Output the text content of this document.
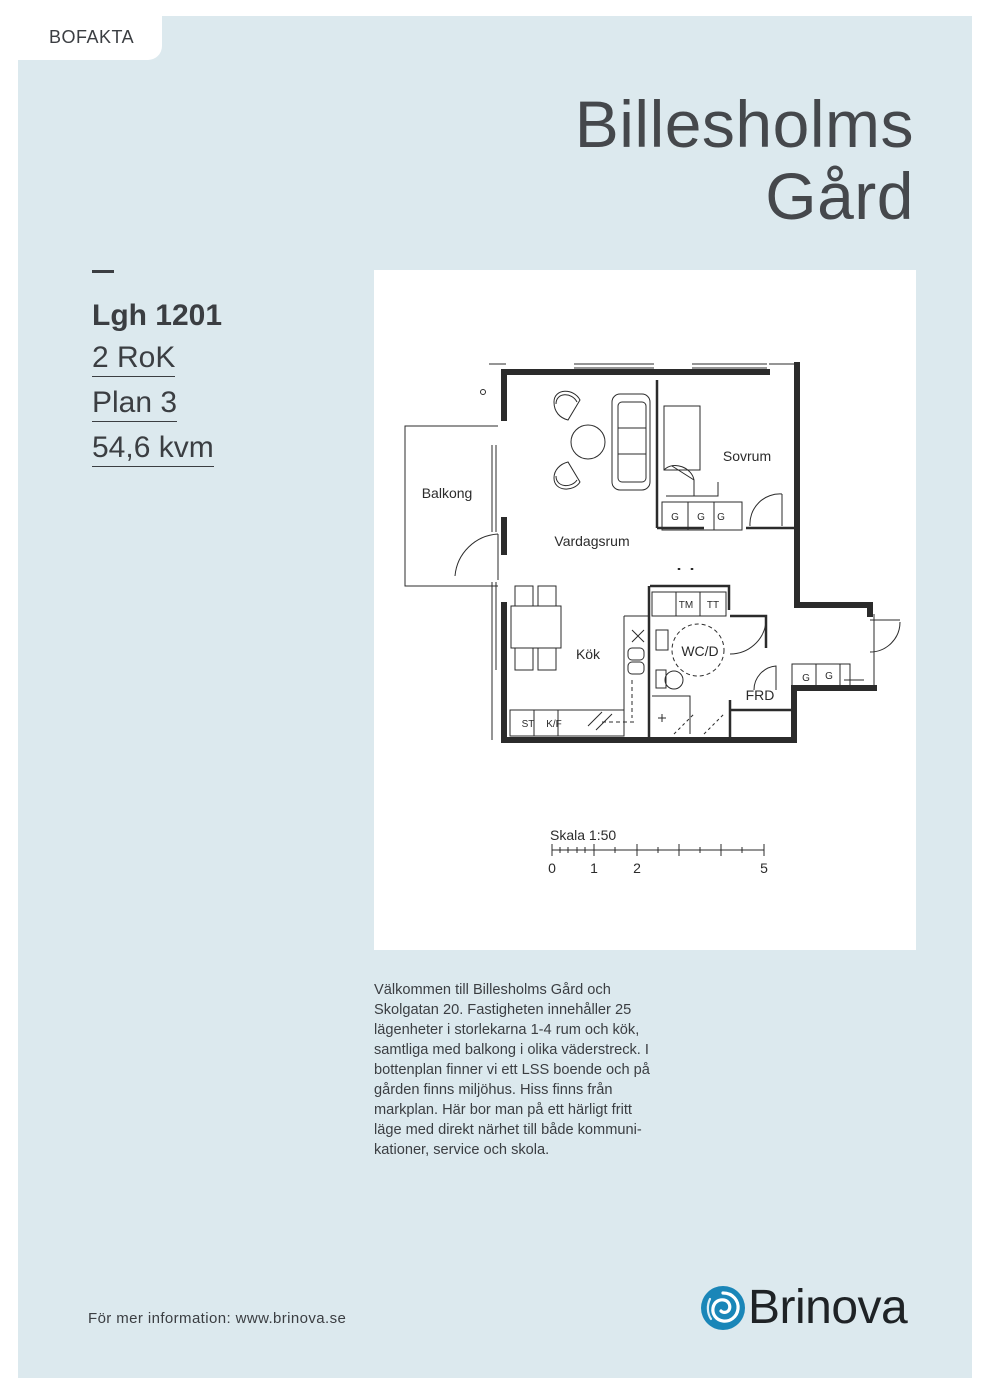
BOFAKTA
Billesholms
Gård
Lgh 1201
2 RoK
Plan 3
54,6 kvm	Sovrum
Balkong
Vardagsrum
Kök	WC/D
FRD
G G G
TM TT
ST K/F
G G
Skala 1:50
0 1	2	5
Välkommen till Billesholms Gård och Skolgatan 20. Fastigheten innehåller 25 lägenheter i storlekarna 1-4 rum och kök, samtliga med balkong i olika väderstreck. I bottenplan finner vi ett LSS boende och på gården finns miljöhus. Hiss finns från markplan. Här bor man på ett härligt fritt läge med direkt närhet till både kommuni-kationer, service och skola.
För mer information: www.brinova.se	Brinova
